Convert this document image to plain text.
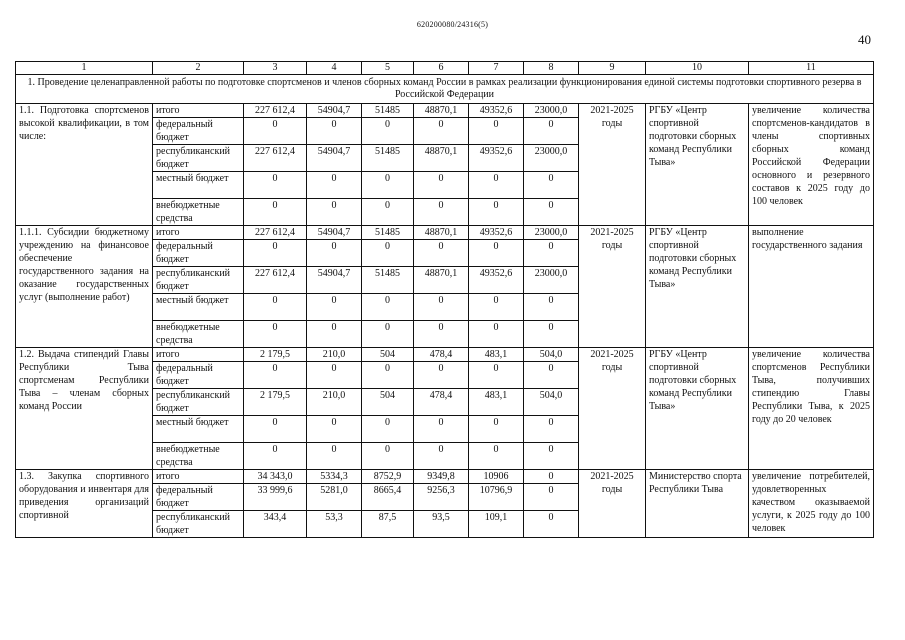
620200080/24316(5)
40
1	2	3	4	5	6	7	8	9	10	11
1. Проведение целенаправленной работы по подготовке спортсменов и членов сборных команд России в рамках реализации функционирования единой системы подготовки спортивного резерва в Российской Федерации										
1.1. Подготовка спортсменов высокой квалификации, в том числе:	итого	227 612,4	54904,7	51485	48870,1	49352,6	23000,0	2021-2025 годы	РГБУ «Центр спортивной подготовки сборных команд Республики Тыва»	увеличение количества спортсменов-кандидатов в члены спортивных сборных команд Российской Федерации основного и резервного составов к 2025 году до 100 человек
	федеральный бюджет	0	0	0	0	0	0			
	республиканский бюджет	227 612,4	54904,7	51485	48870,1	49352,6	23000,0			
	местный бюджет	0	0	0	0	0	0			
	внебюджетные средства	0	0	0	0	0	0			
1.1.1. Субсидии бюджетному учреждению на финансовое обеспечение государственного задания на оказание государственных услуг (выполнение работ)	итого	227 612,4	54904,7	51485	48870,1	49352,6	23000,0	2021-2025 годы	РГБУ «Центр спортивной подготовки сборных команд Республики Тыва»	выполнение государственного задания
	федеральный бюджет	0	0	0	0	0	0			
	республиканский бюджет	227 612,4	54904,7	51485	48870,1	49352,6	23000,0			
	местный бюджет	0	0	0	0	0	0			
	внебюджетные средства	0	0	0	0	0	0			
1.2. Выдача стипендий Главы Республики Тыва спортсменам Республики Тыва – членам сборных команд России	итого	2 179,5	210,0	504	478,4	483,1	504,0	2021-2025 годы	РГБУ «Центр спортивной подготовки сборных команд Республики Тыва»	увеличение количества спортсменов Республики Тыва, получивших стипендию Главы Республики Тыва, к 2025 году до 20 человек
	федеральный бюджет	0	0	0	0	0	0			
	республиканский бюджет	2 179,5	210,0	504	478,4	483,1	504,0			
	местный бюджет	0	0	0	0	0	0			
	внебюджетные средства	0	0	0	0	0	0			
1.3. Закупка спортивного оборудования и инвентаря для приведения организаций спортивной	итого	34 343,0	5334,3	8752,9	9349,8	10906	0	2021-2025 годы	Министерство спорта Республики Тыва	увеличение потребителей, удовлетворенных качеством оказываемой услуги, к 2025 году до 100 человек
	федеральный бюджет	33 999,6	5281,0	8665,4	9256,3	10796,9	0			
	республиканский бюджет	343,4	53,3	87,5	93,5	109,1	0			
